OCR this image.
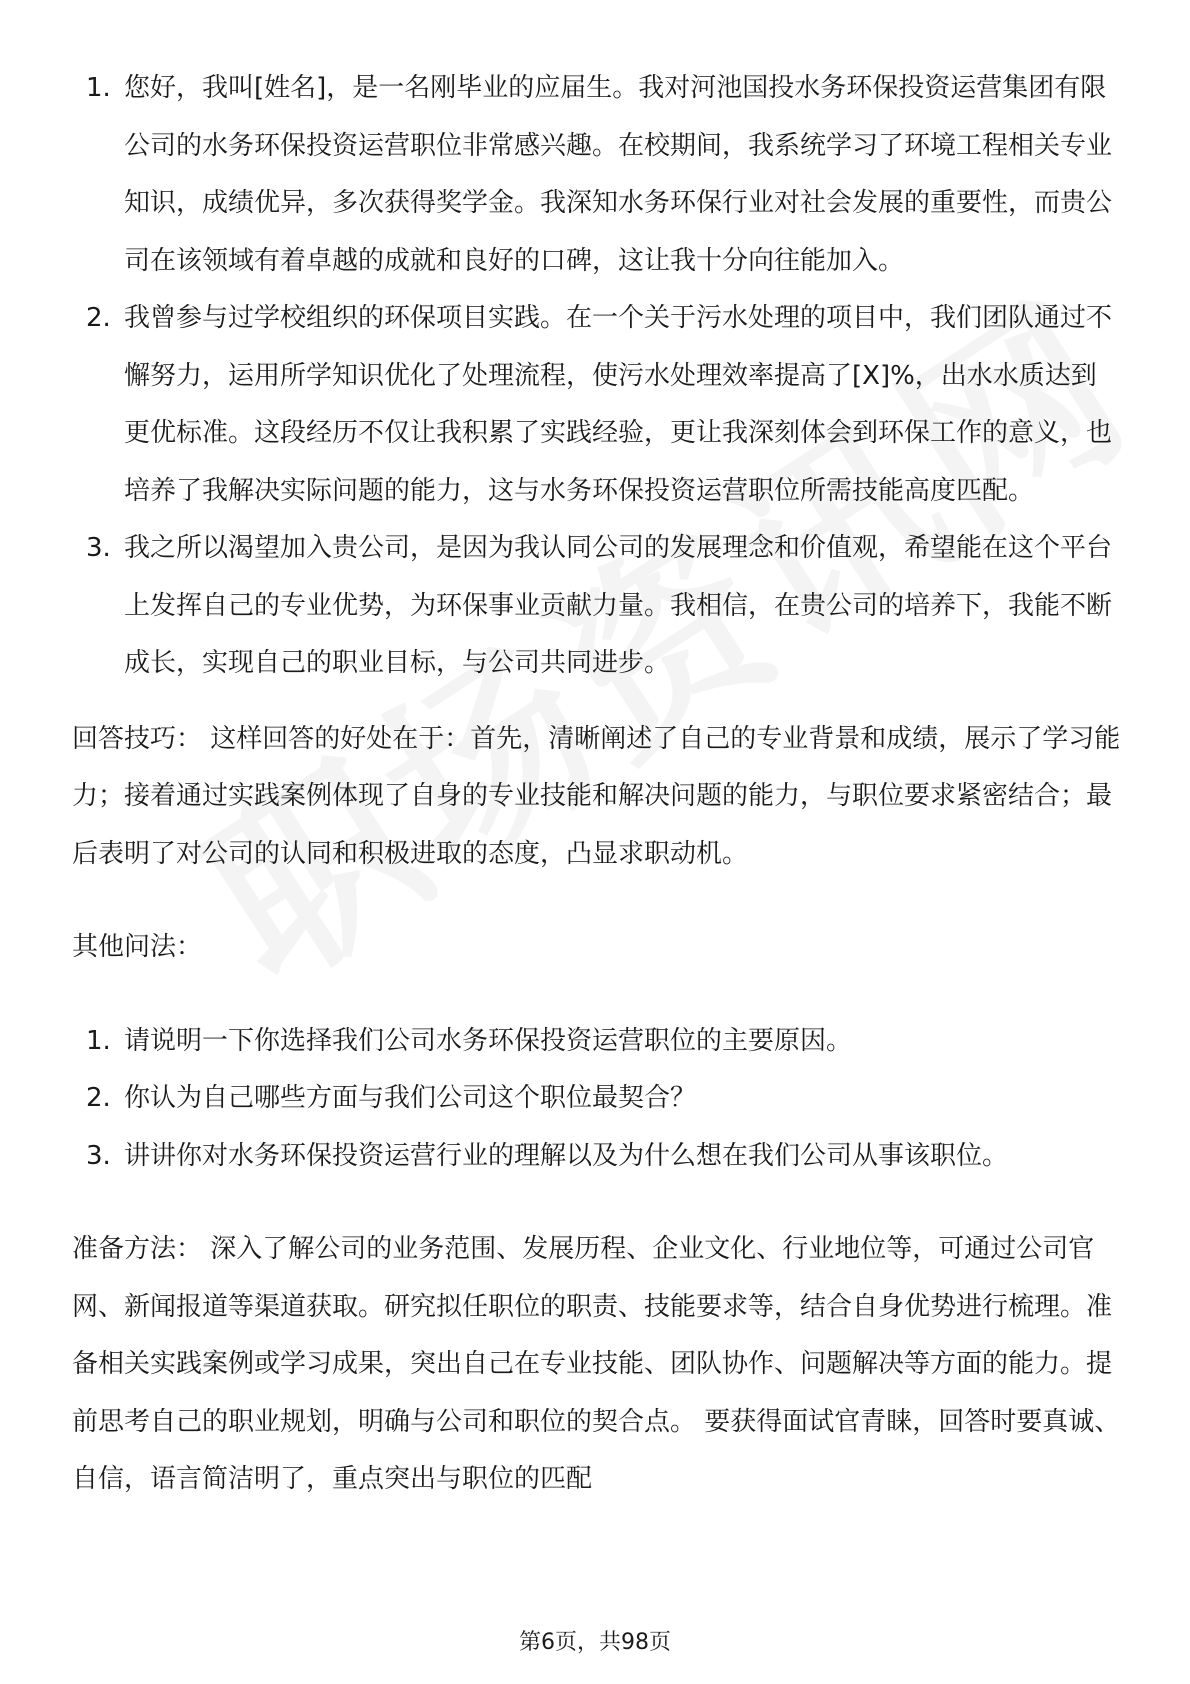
1. 您好，我叫[姓名]，是一名刚毕业的应届生。我对河池国投水务环保投资运营集团有限公司的水务环保投资运营职位非常感兴趣。在校期间，我系统学习了环境工程相关专业知识，成绩优异，多次获得奖学金。我深知水务环保行业对社会发展的重要性，而贵公司在该领域有着卓越的成就和良好的口碑，这让我十分向往能加入。
2. 我曾参与过学校组织的环保项目实践。在一个关于污水处理的项目中，我们团队通过不懈努力，运用所学知识优化了处理流程，使污水处理效率提高了[X]%，出水水质达到更优标准。这段经历不仅让我积累了实践经验，更让我深刻体会到环保工作的意义，也培养了我解决实际问题的能力，这与水务环保投资运营职位所需技能高度匹配。
3. 我之所以渴望加入贵公司，是因为我认同公司的发展理念和价值观，希望能在这个平台上发挥自己的专业优势，为环保事业贡献力量。我相信，在贵公司的培养下，我能不断成长，实现自己的职业目标，与公司共同进步。

回答技巧： 这样回答的好处在于：首先，清晰阐述了自己的专业背景和成绩，展示了学习能力；接着通过实践案例体现了自身的专业技能和解决问题的能力，与职位要求紧密结合；最后表明了对公司的认同和积极进取的态度，凸显求职动机。

其他问法：

1. 请说明一下你选择我们公司水务环保投资运营职位的主要原因。
2. 你认为自己哪些方面与我们公司这个职位最契合？
3. 讲讲你对水务环保投资运营行业的理解以及为什么想在我们公司从事该职位。

准备方法： 深入了解公司的业务范围、发展历程、企业文化、行业地位等，可通过公司官网、新闻报道等渠道获取。研究拟任职位的职责、技能要求等，结合自身优势进行梳理。准备相关实践案例或学习成果，突出自己在专业技能、团队协作、问题解决等方面的能力。提前思考自己的职业规划，明确与公司和职位的契合点。 要获得面试官青睐，回答时要真诚、自信，语言简洁明了，重点突出与职位的匹配

第6页，共98页
